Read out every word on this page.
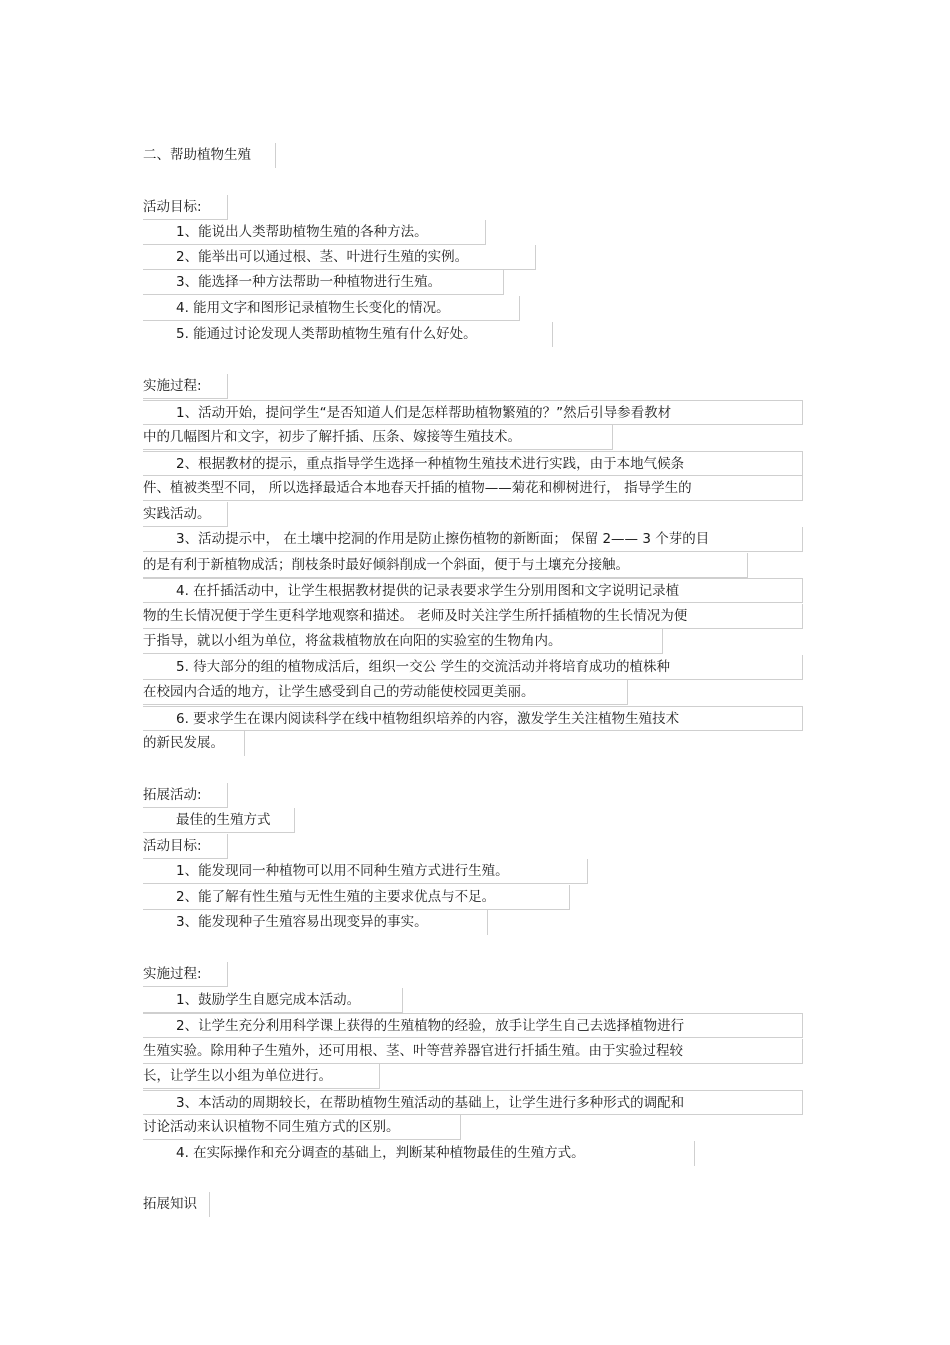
二、帮助植物生殖
活动目标:
1、能说出人类帮助植物生殖的各种方法。
2、能举出可以通过根、茎、叶进行生殖的实例。
3、能选择一种方法帮助一种植物进行生殖。
4. 能用文字和图形记录植物生长变化的情况。
5. 能通过讨论发现人类帮助植物生殖有什么好处。
实施过程:
1、活动开始，提问学生“是否知道人们是怎样帮助植物繁殖的？”然后引导参看教材
中的几幅图片和文字，初步了解扦插、压条、嫁接等生殖技术。
2、根据教材的提示，重点指导学生选择一种植物生殖技术进行实践，由于本地气候条
件、植被类型不同， 所以选择最适合本地春天扦插的植物——菊花和柳树进行， 指导学生的
实践活动。
3、活动提示中， 在土壤中挖洞的作用是防止擦伤植物的新断面； 保留 2—— 3 个芽的目
的是有利于新植物成活；削枝条时最好倾斜削成一个斜面，便于与土壤充分接触。
4. 在扦插活动中，让学生根据教材提供的记录表要求学生分别用图和文字说明记录植
物的生长情况便于学生更科学地观察和描述。 老师及时关注学生所扦插植物的生长情况为便
于指导，就以小组为单位，将盆栽植物放在向阳的实验室的生物角内。
5. 待大部分的组的植物成活后，组织一交公 学生的交流活动并将培育成功的植株种
在校园内合适的地方，让学生感受到自己的劳动能使校园更美丽。
6. 要求学生在课内阅读科学在线中植物组织培养的内容，激发学生关注植物生殖技术
的新民发展。
拓展活动:
最佳的生殖方式
活动目标:
1、能发现同一种植物可以用不同种生殖方式进行生殖。
2、能了解有性生殖与无性生殖的主要求优点与不足。
3、能发现种子生殖容易出现变异的事实。
实施过程:
1、鼓励学生自愿完成本活动。
2、让学生充分利用科学课上获得的生殖植物的经验，放手让学生自己去选择植物进行
生殖实验。除用种子生殖外，还可用根、茎、叶等营养器官进行扦插生殖。由于实验过程较
长，让学生以小组为单位进行。
3、本活动的周期较长，在帮助植物生殖活动的基础上，让学生进行多种形式的调配和
讨论活动来认识植物不同生殖方式的区别。
4. 在实际操作和充分调查的基础上，判断某种植物最佳的生殖方式。
拓展知识
